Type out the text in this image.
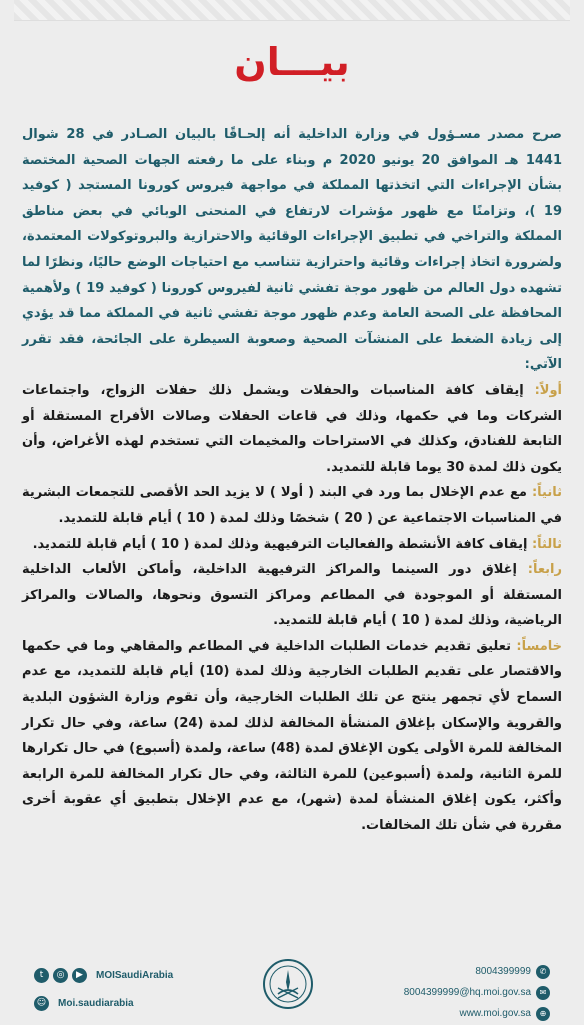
بيـــان

صرح مصدر مسـؤول في وزارة الداخلية أنه إلحـاقًا بالبيان الصـادر في 28 شوال 1441 هـ الموافق 20 يونيو 2020 م وبناء على ما رفعته الجهات الصحية المختصة بشأن الإجراءات التي اتخذتها المملكة في مواجهة فيروس كورونا المستجد ( كوفيد 19 )، وتزامنًا مع ظهور مؤشرات لارتفاع في المنحنى الوبائي في بعض مناطق المملكة والتراخي في تطبيق الإجراءات الوقائية والاحترازية والبروتوكولات المعتمدة، ولضرورة اتخاذ إجراءات وقائية واحترازية تتناسب مع احتياجات الوضع حاليًا، ونظرًا لما تشهده دول العالم من ظهور موجة تفشي ثانية لفيروس كورونا ( كوفيد 19 ) ولأهمية المحافظة على الصحة العامة وعدم ظهور موجة تفشي ثانية في المملكة مما قد يؤدي إلى زيادة الضغط على المنشآت الصحية وصعوبة السيطرة على الجائحة، فقد تقرر الآتي:

أولاً: إيقاف كافة المناسبات والحفلات ويشمل ذلك حفلات الزواج، واجتماعات الشركات وما في حكمها، وذلك في قاعات الحفلات وصالات الأفراح المستقلة أو التابعة للفنادق، وكذلك في الاستراحات والمخيمات التي تستخدم لهذه الأغراض، وأن يكون ذلك لمدة 30 يوما قابلة للتمديد.

ثانياً: مع عدم الإخلال بما ورد في البند ( أولا ) لا يزيد الحد الأقصى للتجمعات البشرية في المناسبات الاجتماعية عن ( 20 ) شخصًا وذلك لمدة ( 10 ) أيام قابلة للتمديد.

ثالثاً: إيقاف كافة الأنشطة والفعاليات الترفيهية وذلك لمدة ( 10 ) أيام قابلة للتمديد.

رابعاً: إغلاق دور السينما والمراكز الترفيهية الداخلية، وأماكن الألعاب الداخلية المستقلة أو الموجودة في المطاعم ومراكز التسوق ونحوها، والصالات والمراكز الرياضية، وذلك لمدة ( 10 ) أيام قابلة للتمديد.

خامساً: تعليق تقديم خدمات الطلبات الداخلية في المطاعم والمقاهي وما في حكمها والاقتصار على تقديم الطلبات الخارجية وذلك لمدة (10) أيام قابلة للتمديد، مع عدم السماح لأي تجمهر ينتج عن تلك الطلبات الخارجية، وأن تقوم وزارة الشؤون البلدية والقروية والإسكان بإغلاق المنشأة المخالفة لذلك لمدة (24) ساعة، وفي حال تكرار المخالفة للمرة الأولى يكون الإغلاق لمدة (48) ساعة، ولمدة (أسبوع) في حال تكرارها للمرة الثانية، ولمدة (أسبوعين) للمرة الثالثة، وفي حال تكرار المخالفة للمرة الرابعة وأكثر، يكون إغلاق المنشأة لمدة (شهر)، مع عدم الإخلال بتطبيق أي عقوبة أخرى مقررة في شأن تلك المخالفات.

t	◎	▶	MOISaudiArabia
☺ Moi.saudiarabia
8004399999	✆
8004399999@hq.moi.gov.sa	✉
www.moi.gov.sa	⊕
